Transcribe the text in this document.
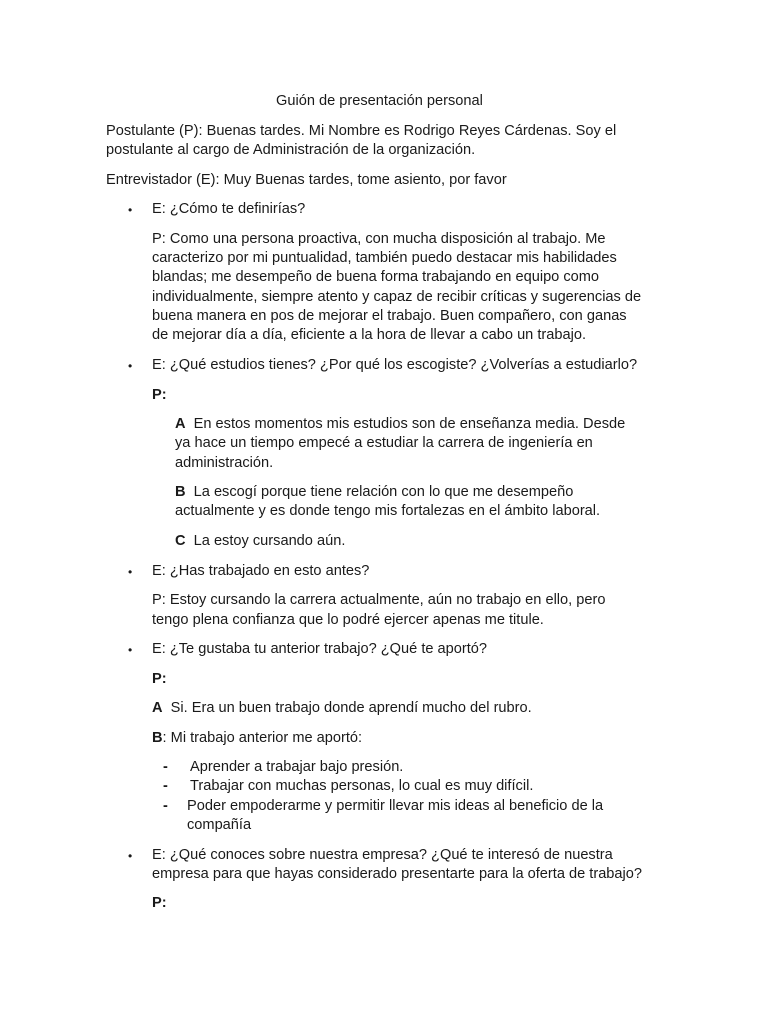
Guión de presentación personal
Postulante (P): Buenas tardes. Mi Nombre es Rodrigo Reyes Cárdenas. Soy el
postulante al cargo de Administración de la organización.
Entrevistador (E): Muy Buenas tardes, tome asiento, por favor
• E: ¿Cómo te definirías?
P: Como una persona proactiva, con mucha disposición al trabajo. Me
caracterizo por mi puntualidad, también puedo destacar mis habilidades
blandas; me desempeño de buena forma trabajando en equipo como
individualmente, siempre atento y capaz de recibir críticas y sugerencias de
buena manera en pos de mejorar el trabajo. Buen compañero, con ganas
de mejorar día a día, eficiente a la hora de llevar a cabo un trabajo.
• E: ¿Qué estudios tienes? ¿Por qué los escogiste? ¿Volverías a estudiarlo?
P:
A  En estos momentos mis estudios son de enseñanza media. Desde
ya hace un tiempo empecé a estudiar la carrera de ingeniería en
administración.
B  La escogí porque tiene relación con lo que me desempeño
actualmente y es donde tengo mis fortalezas en el ámbito laboral.
C  La estoy cursando aún.
• E: ¿Has trabajado en esto antes?
P: Estoy cursando la carrera actualmente, aún no trabajo en ello, pero
tengo plena confianza que lo podré ejercer apenas me titule.
• E: ¿Te gustaba tu anterior trabajo? ¿Qué te aportó?
P:
A  Si. Era un buen trabajo donde aprendí mucho del rubro.
B: Mi trabajo anterior me aportó:
- Aprender a trabajar bajo presión.
- Trabajar con muchas personas, lo cual es muy difícil.
- Poder empoderarme y permitir llevar mis ideas al beneficio de la
compañía
• E: ¿Qué conoces sobre nuestra empresa? ¿Qué te interesó de nuestra
empresa para que hayas considerado presentarte para la oferta de trabajo?
P:
